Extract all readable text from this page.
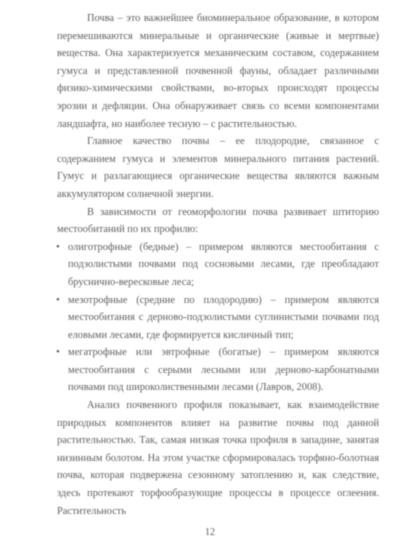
Почва – это важнейшее биоминеральное образование, в котором перемешиваются минеральные и органические (живые и мертвые) вещества. Она характеризуется механическим составом, содержанием гумуса и представленной почвенной фауны, обладает различными физико-химическими свойствами, во-вторых происходят процессы эрозии и дефляции. Она обнаруживает связь со всеми компонентами ландшафта, но наиболее тесную – с растительностью.

Главное качество почвы – ее плодородие, связанное с содержанием гумуса и элементов минерального питания растений. Гумус и разлагающиеся органические вещества являются важным аккумулятором солнечной энергии.

В зависимости от геоморфологии почва развивает штиторию местообитаний по их профилю:

• олиготрофные (бедные) – примером являются местообитания с подзолистыми почвами под сосновыми лесами, где преобладают бруснично-вересковые леса;
• мезотрофные (средние по плодородию) – примером являются местообитания с дерново-подзолистыми суглинистыми почвами под еловыми лесами, где формируется кисличный тип;
• мегатрофные или эвтрофные (богатые) – примером являются местообитания с серыми лесными или дерново-карбонатными почвами под широколиственными лесами (Лавров, 2008).

Анализ почвенного профиля показывает, как взаимодействие природных компонентов влияет на развитие почвы под данной растительностью. Так, самая низкая точка профиля в западине, занятая низинным болотом. На этом участке сформировалась торфяно-болотная почва, которая подвержена сезонному затоплению и, как следствие, здесь протекают торфообразующие процессы в процессе оглеения. Растительность

12
